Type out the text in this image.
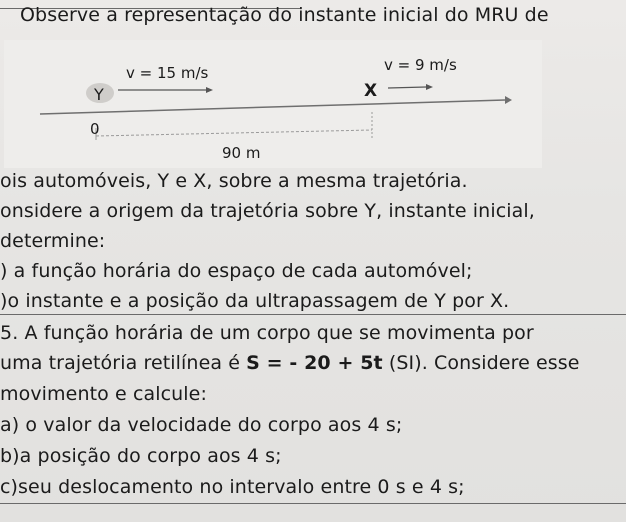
Observe a representação do instante inicial do MRU de
Y	X
v = 15 m/s	v = 9 m/s
0
90 m
ois automóveis, Y e X, sobre a mesma trajetória.
onsidere a origem da trajetória sobre Y, instante inicial,
determine:
) a função horária do espaço de cada automóvel;
)o instante e a posição da ultrapassagem de Y por X.
5. A função horária de um corpo que se movimenta por
uma trajetória retilínea é S = - 20 + 5t (SI). Considere esse
movimento e calcule:
a) o valor da velocidade do corpo aos 4 s;
b)a posição do corpo aos 4 s;
c)seu deslocamento no intervalo entre 0 s e 4 s;
